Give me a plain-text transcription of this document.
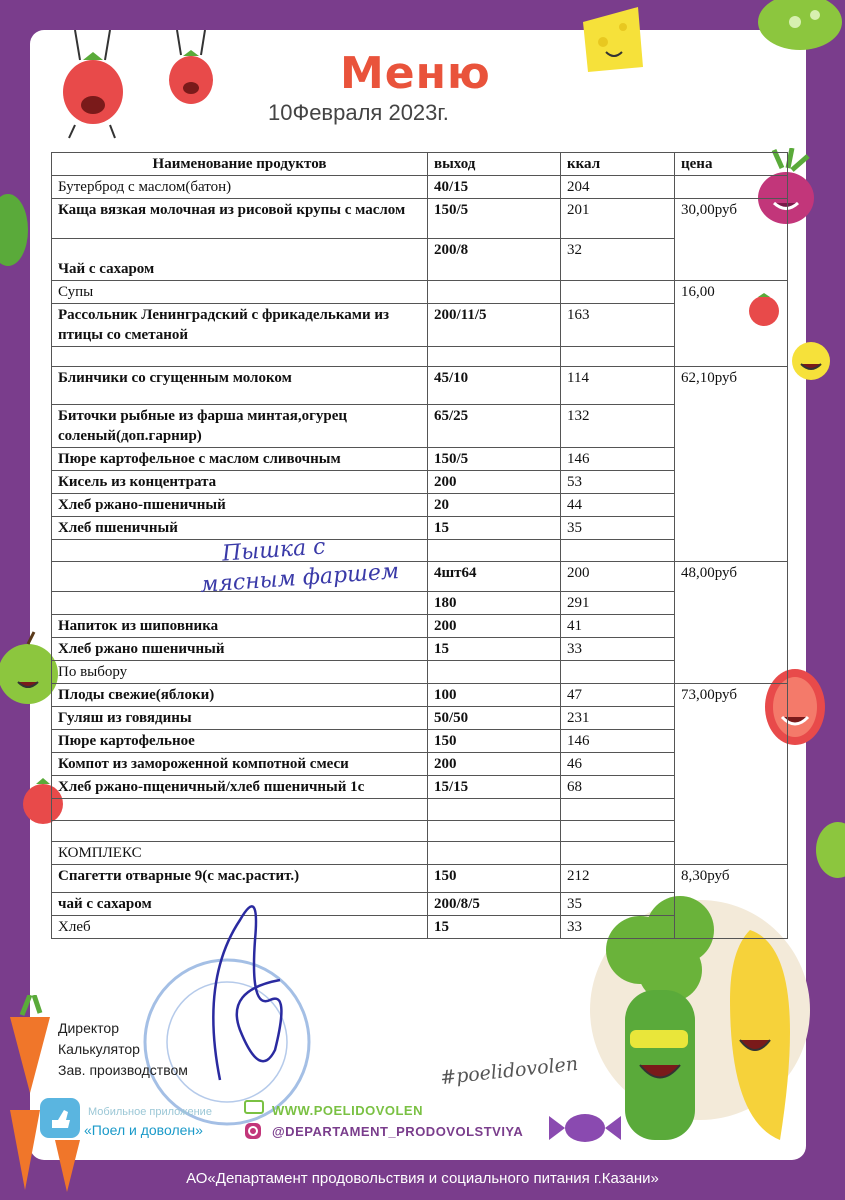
Меню
10Февраля 2023г.
Наименование продуктов	выход	ккал	цена
Бутерброд с маслом(батон)	40/15	204	
Каща вязкая молочная из рисовой крупы с маслом	150/5	201	30,00руб
Чай с сахаром	200/8	32	
Супы			16,00
Рассольник Ленинградский с фрикадельками из птицы со сметаной	200/11/5	163	

Блинчики со сгущенным молоком	45/10	114	62,10руб
Биточки рыбные из фарша минтая,огурец соленый(доп.гарнир)	65/25	132	
Пюре картофельное с маслом сливочным	150/5	146	
Кисель из концентрата	200	53	
Хлеб ржано-пшеничный	20	44	
Хлеб пшеничный	15	35	

	4шт64	200	48,00руб
	180	291	
Напиток из шиповника	200	41	
Хлеб ржано пшеничный	15	33	
По выбору			
Плоды свежие(яблоки)	100	47	73,00руб
Гуляш из говядины	50/50	231	
Пюре картофельное	150	146	
Компот из замороженной компотной смеси	200	46	
Хлеб ржано-пщеничный/хлеб пшеничный 1с	15/15	68	

КОМПЛЕКС			
Спагетти отварные 9(с мас.растит.)	150	212	8,30руб
чай с сахаром	200/8/5	35	
Хлеб	15	33	
Пышка с
мясным фаршем
Директор
Калькулятор
Зав. производством
Мобильное приложение
«Поел и доволен»
WWW.POELIDOVOLEN
@DEPARTAMENT_PRODOVOLSTVIYA
#poelidovolen
АО«Департамент продовольствия и социального питания г.Казани»
